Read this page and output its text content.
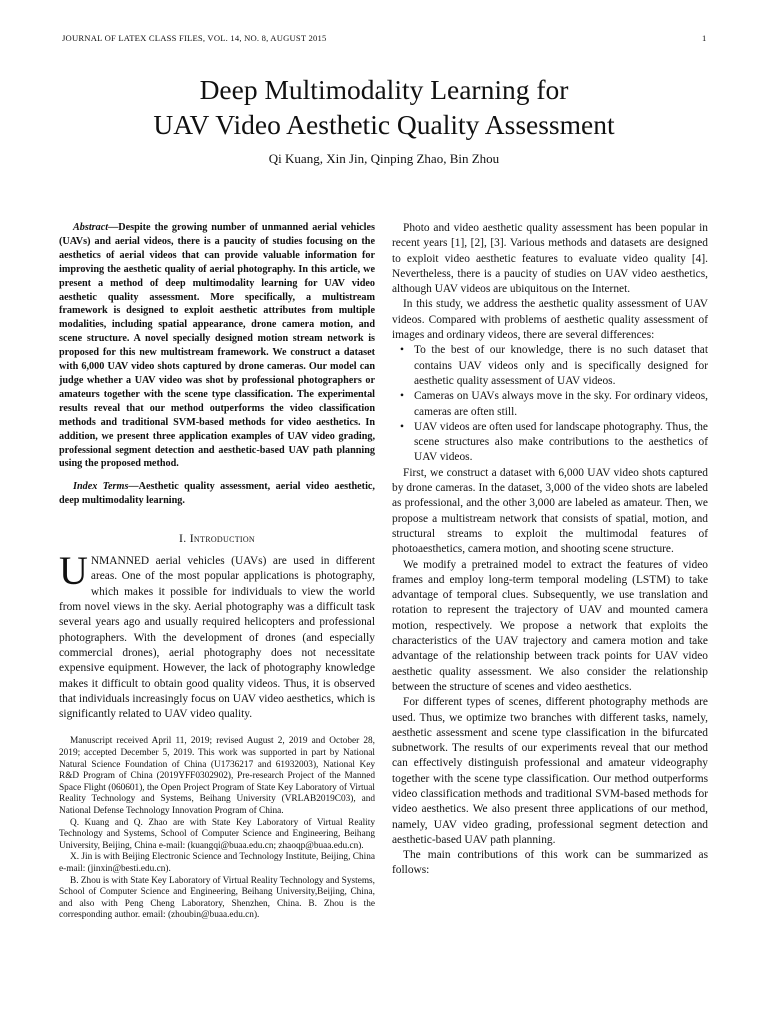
JOURNAL OF LATEX CLASS FILES, VOL. 14, NO. 8, AUGUST 2015	1
Deep Multimodality Learning for
UAV Video Aesthetic Quality Assessment
Qi Kuang, Xin Jin, Qinping Zhao, Bin Zhou

Abstract—Despite the growing number of unmanned aerial vehicles (UAVs) and aerial videos, there is a paucity of studies focusing on the aesthetics of aerial videos that can provide valuable information for improving the aesthetic quality of aerial photography. In this article, we present a method of deep multimodality learning for UAV video aesthetic quality assessment. More specifically, a multistream framework is designed to exploit aesthetic attributes from multiple modalities, including spatial appearance, drone camera motion, and scene structure. A novel specially designed motion stream network is proposed for this new multistream framework. We construct a dataset with 6,000 UAV video shots captured by drone cameras. Our model can judge whether a UAV video was shot by professional photographers or amateurs together with the scene type classification. The experimental results reveal that our method outperforms the video classification methods and traditional SVM-based methods for video aesthetics. In addition, we present three application examples of UAV video grading, professional segment detection and aesthetic-based UAV path planning using the proposed method.

Index Terms—Aesthetic quality assessment, aerial video aesthetic, deep multimodality learning.

I. Introduction
UNMANNED aerial vehicles (UAVs) are used in different areas. One of the most popular applications is photography, which makes it possible for individuals to view the world from novel views in the sky. Aerial photography was a difficult task several years ago and usually required helicopters and professional photographers. With the development of drones (and especially commercial drones), aerial photography does not necessitate expensive equipment. However, the lack of photography knowledge makes it difficult to obtain good quality videos. Thus, it is observed that individuals increasingly focus on UAV video aesthetics, which is significantly related to UAV video quality.

Manuscript received April 11, 2019; revised August 2, 2019 and October 28, 2019; accepted December 5, 2019. This work was supported in part by National Natural Science Foundation of China (U1736217 and 61932003), National Key R&D Program of China (2019YFF0302902), Pre-research Project of the Manned Space Flight (060601), the Open Project Program of State Key Laboratory of Virtual Reality Technology and Systems, Beihang University (VRLAB2019C03), and National Defense Technology Innovation Program of China.

Q. Kuang and Q. Zhao are with State Key Laboratory of Virtual Reality Technology and Systems, School of Computer Science and Engineering, Beihang University, Beijing, China e-mail: (kuangqi@buaa.edu.cn; zhaoqp@buaa.edu.cn).

X. Jin is with Beijing Electronic Science and Technology Institute, Beijing, China e-mail: (jinxin@besti.edu.cn).

B. Zhou is with State Key Laboratory of Virtual Reality Technology and Systems, School of Computer Science and Engineering, Beihang University,Beijing, China, and also with Peng Cheng Laboratory, Shenzhen, China. B. Zhou is the corresponding author. email: (zhoubin@buaa.edu.cn).

Photo and video aesthetic quality assessment has been popular in recent years [1], [2], [3]. Various methods and datasets are designed to exploit video aesthetic features to evaluate video quality [4]. Nevertheless, there is a paucity of studies on UAV video aesthetics, although UAV videos are ubiquitous on the Internet.

In this study, we address the aesthetic quality assessment of UAV videos. Compared with problems of aesthetic quality assessment of images and ordinary videos, there are several differences:

• To the best of our knowledge, there is no such dataset that contains UAV videos only and is specifically designed for aesthetic quality assessment of UAV videos.
• Cameras on UAVs always move in the sky. For ordinary videos, cameras are often still.
• UAV videos are often used for landscape photography. Thus, the scene structures also make contributions to the aesthetics of UAV videos.

First, we construct a dataset with 6,000 UAV video shots captured by drone cameras. In the dataset, 3,000 of the video shots are labeled as professional, and the other 3,000 are labeled as amateur. Then, we propose a multistream network that consists of spatial, motion, and structural streams to exploit the multimodal features of photoaesthetics, camera motion, and shooting scene structure.

We modify a pretrained model to extract the features of video frames and employ long-term temporal modeling (LSTM) to take advantage of temporal clues. Subsequently, we use translation and rotation to represent the trajectory of UAV and mounted camera motion, respectively. We propose a network that exploits the characteristics of the UAV trajectory and camera motion and take advantage of the relationship between track points for UAV video aesthetic quality assessment. We also consider the relationship between the structure of scenes and video aesthetics.

For different types of scenes, different photography methods are used. Thus, we optimize two branches with different tasks, namely, aesthetic assessment and scene type classification in the bifurcated subnetwork. The results of our experiments reveal that our method can effectively distinguish professional and amateur videography together with the scene type classification. Our method outperforms video classification methods and traditional SVM-based methods for video aesthetics. We also present three applications of our method, namely, UAV video grading, professional segment detection and aesthetic-based UAV path planning.

The main contributions of this work can be summarized as follows:
